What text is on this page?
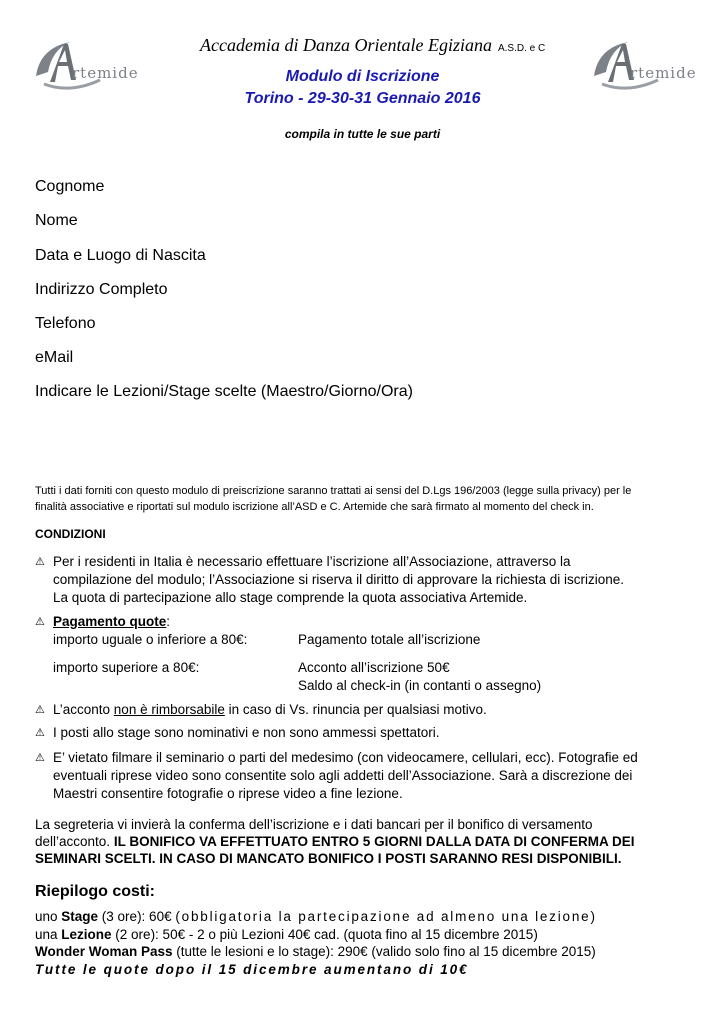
rtemide	rtemide
Accademia di Danza Orientale Egiziana A.S.D. e C
Modulo di Iscrizione
Torino - 29-30-31 Gennaio 2016
compila in tutte le sue parti
Cognome
Nome
Data e Luogo di Nascita
Indirizzo Completo
Telefono
eMail
Indicare le Lezioni/Stage scelte (Maestro/Giorno/Ora)
Tutti i dati forniti con questo modulo di preiscrizione saranno trattati ai sensi del D.Lgs 196/2003 (legge sulla privacy) per le
finalità associative e riportati sul modulo iscrizione all’ASD e C. Artemide che sarà firmato al momento del check in.
CONDIZIONI
⚠ Per i residenti in Italia è necessario effettuare l’iscrizione all’Associazione, attraverso la
compilazione del modulo; l’Associazione si riserva il diritto di approvare la richiesta di iscrizione.
La quota di partecipazione allo stage comprende la quota associativa Artemide.
⚠ Pagamento quote:
importo uguale o inferiore a 80€:	Pagamento totale all’iscrizione
importo superiore a 80€:	Acconto all’iscrizione 50€
Saldo al check-in (in contanti o assegno)
⚠ L’acconto non è rimborsabile in caso di Vs. rinuncia per qualsiasi motivo.
⚠ I posti allo stage sono nominativi e non sono ammessi spettatori.
⚠ E’ vietato filmare il seminario o parti del medesimo (con videocamere, cellulari, ecc). Fotografie ed
eventuali riprese video sono consentite solo agli addetti dell’Associazione. Sarà a discrezione dei
Maestri consentire fotografie o riprese video a fine lezione.
La segreteria vi invierà la conferma dell’iscrizione e i dati bancari per il bonifico di versamento
dell’acconto. IL BONIFICO VA EFFETTUATO ENTRO 5 GIORNI DALLA DATA DI CONFERMA DEI
SEMINARI SCELTI. IN CASO DI MANCATO BONIFICO I POSTI SARANNO RESI DISPONIBILI.
Riepilogo costi:
uno Stage (3 ore): 60€ (obbligatoria la partecipazione ad almeno una lezione)
una Lezione (2 ore): 50€ - 2 o più Lezioni 40€ cad. (quota fino al 15 dicembre 2015)
Wonder Woman Pass (tutte le lesioni e lo stage): 290€ (valido solo fino al 15 dicembre 2015)
Tutte le quote dopo il 15 dicembre aumentano di 10€
